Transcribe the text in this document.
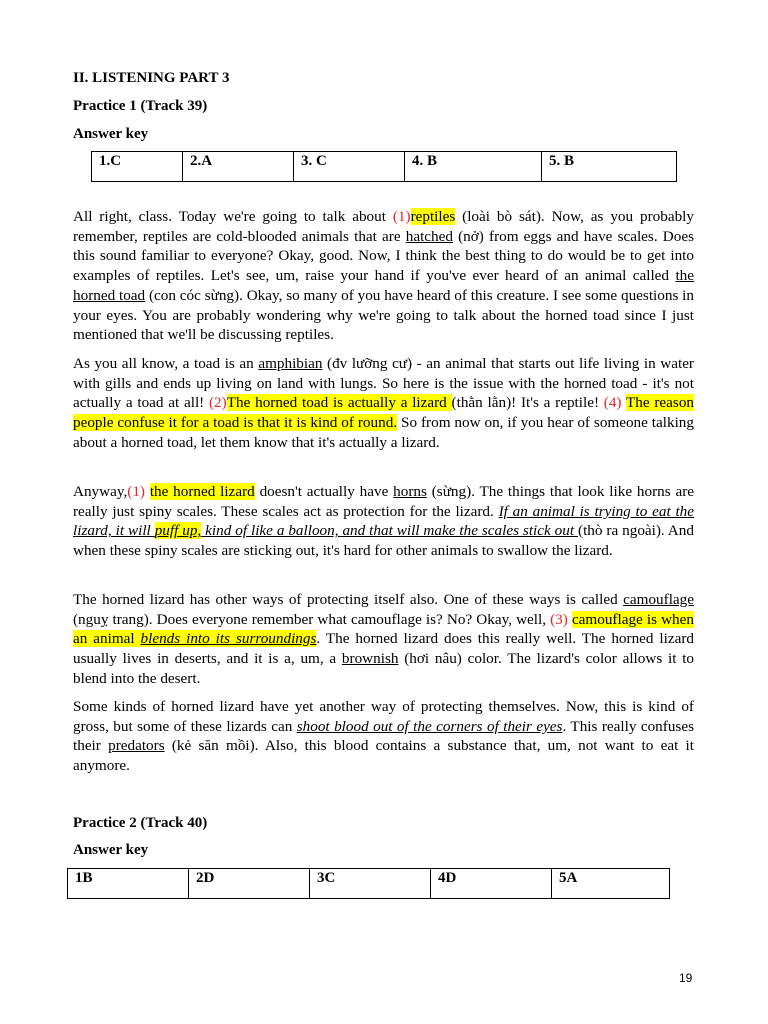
II. LISTENING PART 3
Practice 1 (Track 39)
Answer key
1.C	2.A	3. C	4. B	5. B

All right, class. Today we're going to talk about (1)reptiles (loài bò sát). Now, as you probably remember, reptiles are cold-blooded animals that are hatched (nở) from eggs and have scales. Does this sound familiar to everyone? Okay, good. Now, I think the best thing to do would be to get into examples of reptiles. Let's see, um, raise your hand if you've ever heard of an animal called the horned toad (con cóc sừng). Okay, so many of you have heard of this creature. I see some questions in your eyes. You are probably wondering why we're going to talk about the horned toad since I just mentioned that we'll be discussing reptiles.

As you all know, a toad is an amphibian (đv lưỡng cư) - an animal that starts out life living in water with gills and ends up living on land with lungs. So here is the issue with the horned toad - it's not actually a toad at all! (2)The horned toad is actually a lizard (thằn lằn)! It's a reptile! (4) The reason people confuse it for a toad is that it is kind of round. So from now on, if you hear of someone talking about a horned toad, let them know that it's actually a lizard.

Anyway,(1) the horned lizard doesn't actually have horns (sừng). The things that look like horns are really just spiny scales. These scales act as protection for the lizard. If an animal is trying to eat the lizard, it will puff up, kind of like a balloon, and that will make the scales stick out (thò ra ngoài). And when these spiny scales are sticking out, it's hard for other animals to swallow the lizard.

The horned lizard has other ways of protecting itself also. One of these ways is called camouflage (nguỵ trang). Does everyone remember what camouflage is? No? Okay, well, (3) camouflage is when an animal blends into its surroundings. The horned lizard does this really well. The horned lizard usually lives in deserts, and it is a, um, a brownish (hơi nâu) color. The lizard's color allows it to blend into the desert.

Some kinds of horned lizard have yet another way of protecting themselves. Now, this is kind of gross, but some of these lizards can shoot blood out of the corners of their eyes. This really confuses their predators (kẻ săn mồi). Also, this blood contains a substance that, um, not want to eat it anymore.

Practice 2 (Track 40)
Answer key
1B	2D	3C	4D	5A
19
